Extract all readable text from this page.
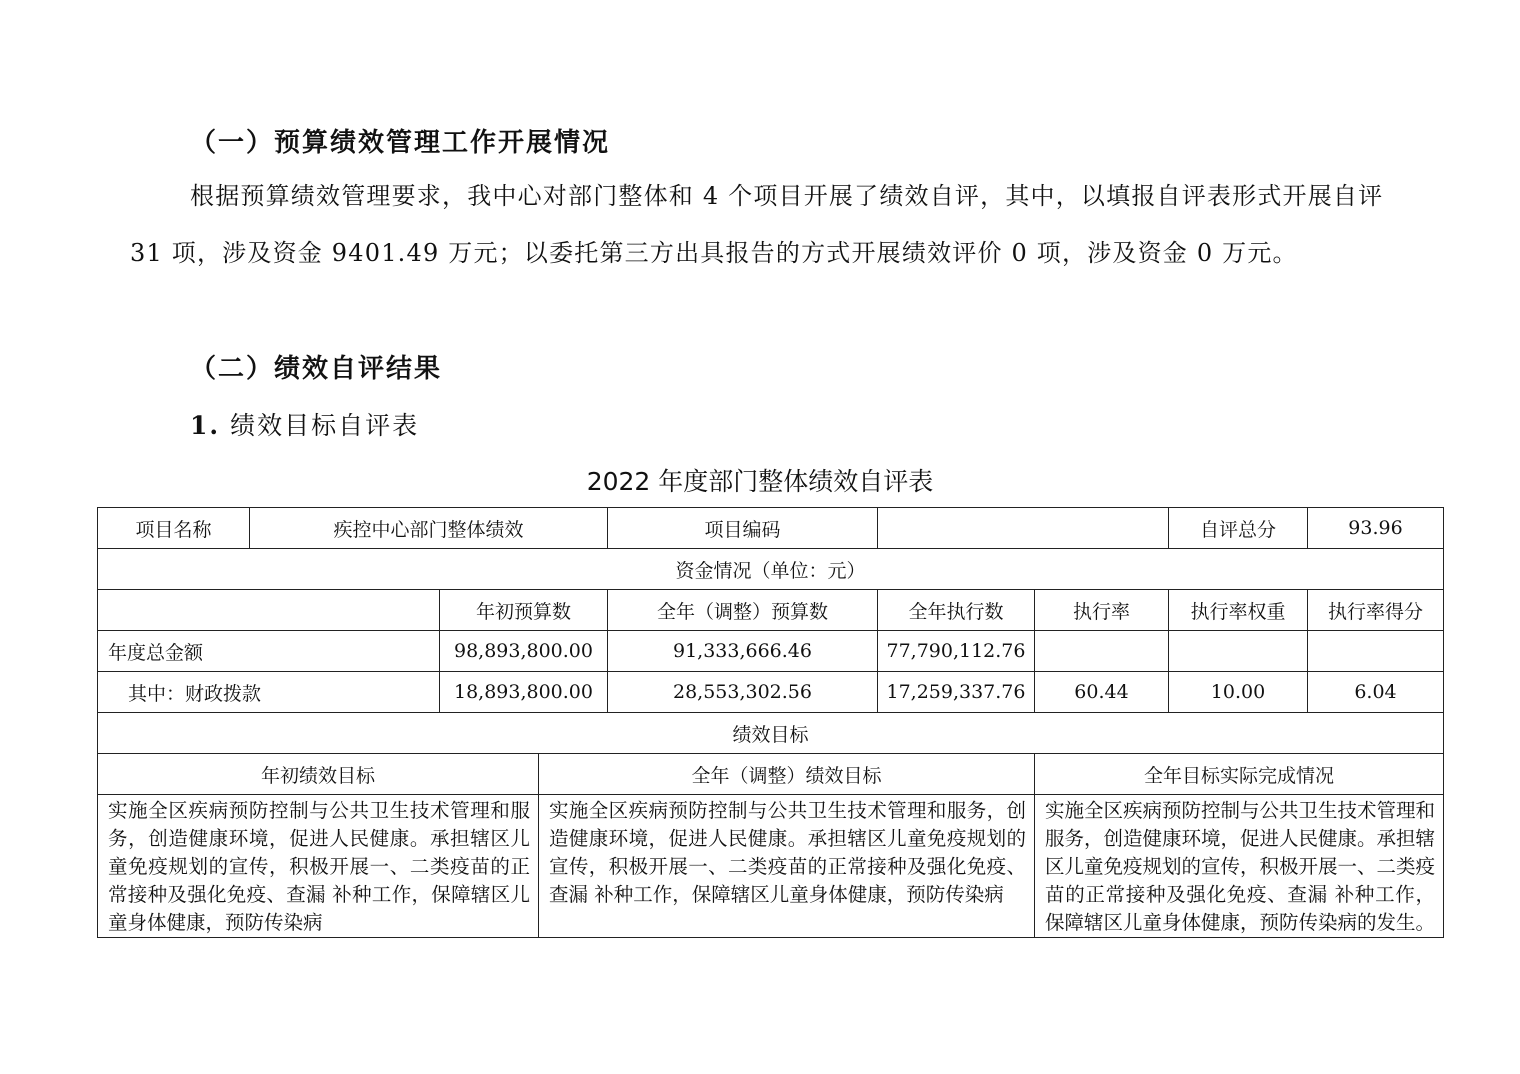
（一）预算绩效管理工作开展情况
根据预算绩效管理要求，我中心对部门整体和 4 个项目开展了绩效自评，其中，以填报自评表形式开展自评 31 项，涉及资金 9401.49 万元；以委托第三方出具报告的方式开展绩效评价 0 项，涉及资金 0 万元。
（二）绩效自评结果
1. 绩效目标自评表
2022 年度部门整体绩效自评表

项目名称	疾控中心部门整体绩效			项目编码					自评总分		93.96
资金情况（单位：元）											
		年初预算数		全年（调整）预算数		全年执行数	执行率		执行率权重		执行率得分
年度总金额		98,893,800.00		91,333,666.46		77,790,112.76					
其中：财政拨款		18,893,800.00		28,553,302.56		17,259,337.76	60.44		10.00		6.04
绩效目标											
年初绩效目标			全年（调整）绩效目标				全年目标实际完成情况				
实施全区疾病预防控制与公共卫生技术管理和服务，创造健康环境，促进人民健康。承担辖区儿童免疫规划的宣传，积极开展一、二类疫苗的正常接种及强化免疫、查漏 补种工作，保障辖区儿童身体健康，预防传染病			实施全区疾病预防控制与公共卫生技术管理和服务，创造健康环境，促进人民健康。承担辖区儿童免疫规划的宣传，积极开展一、二类疫苗的正常接种及强化免疫、查漏 补种工作，保障辖区儿童身体健康，预防传染病				实施全区疾病预防控制与公共卫生技术管理和服务，创造健康环境，促进人民健康。承担辖区儿童免疫规划的宣传，积极开展一、二类疫苗的正常接种及强化免疫、查漏 补种工作，保障辖区儿童身体健康，预防传染病的发生。				
